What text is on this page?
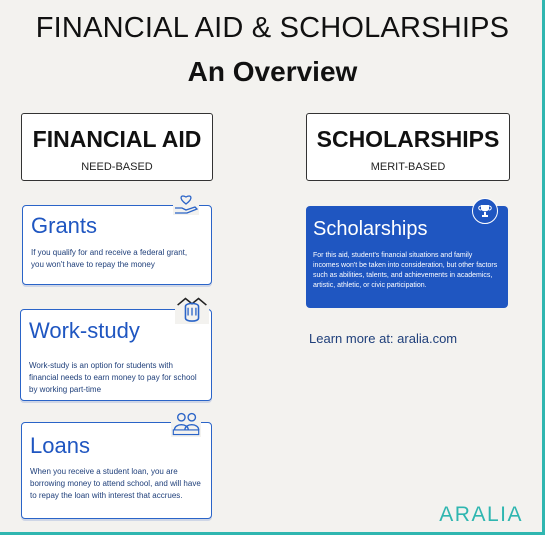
FINANCIAL AID & SCHOLARSHIPS
An Overview
FINANCIAL AID
NEED-BASED
SCHOLARSHIPS
MERIT-BASED
Grants
If you qualify for and receive a federal grant, you won't have to repay the money
Work-study
Work-study is an option for students with financial needs to earn money to pay for school by working part-time
Loans
When you receive a student loan, you are borrowing money to attend school, and will have to repay the loan with interest that accrues.
Scholarships
For this aid, student's financial situations and family incomes won't be taken into consideration, but other factors such as abilities, talents, and achievements in academics, artistic, athletic, or civic participation.
Learn more at: aralia.com
ARALIA
